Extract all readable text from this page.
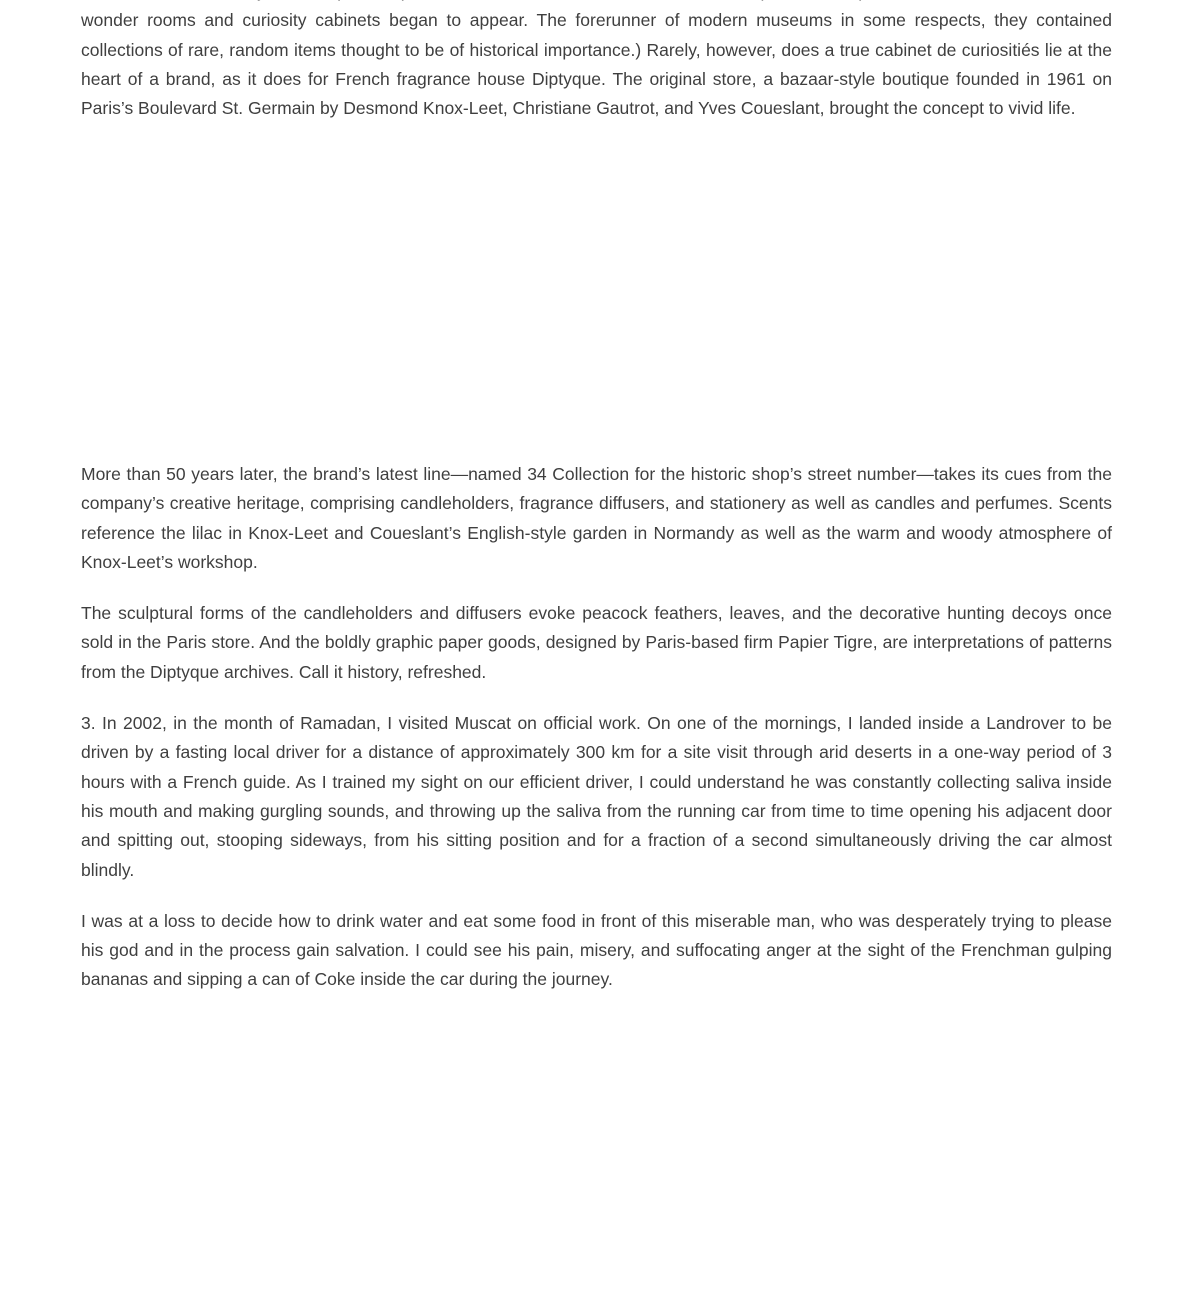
wonder rooms and curiosity cabinets began to appear. The forerunner of modern museums in some respects, they contained collections of rare, random items thought to be of historical importance.) Rarely, however, does a true cabinet de curiositiés lie at the heart of a brand, as it does for French fragrance house Diptyque. The original store, a bazaar-style boutique founded in 1961 on Paris’s Boulevard St. Germain by Desmond Knox-Leet, Christiane Gautrot, and Yves Coueslant, brought the concept to vivid life.

More than 50 years later, the brand’s latest line—named 34 Collection for the historic shop’s street number—takes its cues from the company’s creative heritage, comprising candleholders, fragrance diffusers, and stationery as well as candles and perfumes. Scents reference the lilac in Knox-Leet and Coueslant’s English-style garden in Normandy as well as the warm and woody atmosphere of Knox-Leet’s workshop.

The sculptural forms of the candleholders and diffusers evoke peacock feathers, leaves, and the decorative hunting decoys once sold in the Paris store. And the boldly graphic paper goods, designed by Paris-based firm Papier Tigre, are interpretations of patterns from the Diptyque archives. Call it history, refreshed.

3. In 2002, in the month of Ramadan, I visited Muscat on official work. On one of the mornings, I landed inside a Landrover to be driven by a fasting local driver for a distance of approximately 300 km for a site visit through arid deserts in a one-way period of 3 hours with a French guide. As I trained my sight on our efficient driver, I could understand he was constantly collecting saliva inside his mouth and making gurgling sounds, and throwing up the saliva from the running car from time to time opening his adjacent door and spitting out, stooping sideways, from his sitting position and for a fraction of a second simultaneously driving the car almost blindly.

I was at a loss to decide how to drink water and eat some food in front of this miserable man, who was desperately trying to please his god and in the process gain salvation. I could see his pain, misery, and suffocating anger at the sight of the Frenchman gulping bananas and sipping a can of Coke inside the car during the journey.
